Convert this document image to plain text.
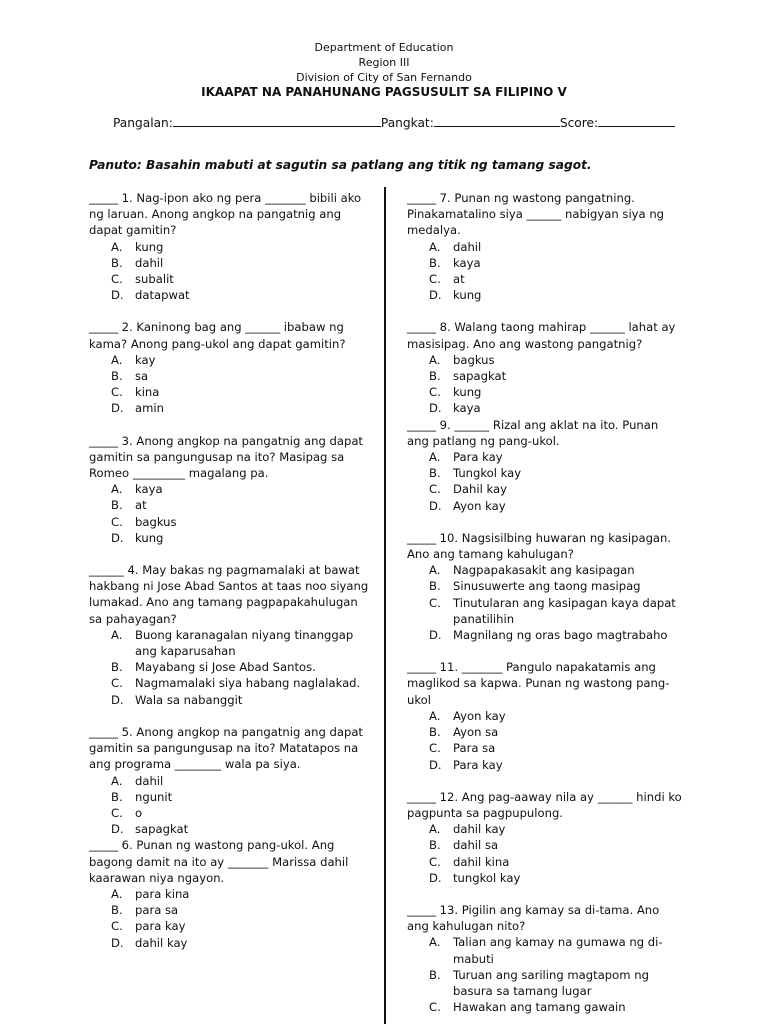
Department of Education
Region III
Division of City of San Fernando
IKAAPAT NA PANAHUNANG PAGSUSULIT SA FILIPINO V
Pangalan:	Pangkat:	Score:
Panuto: Basahin mabuti at sagutin sa patlang ang titik ng tamang sagot.

_____ 1. Nag-ipon ako ng pera _______ bibili ako ng laruan. Anong angkop na pangatnig ang dapat gamitin?

A.	kung
B.	dahil
C.	subalit
D. datapwat

_____ 2. Kaninong bag ang ______ ibabaw ng kama? Anong pang-ukol ang dapat gamitin?

A.	kay
B.	sa
C.	kina
D. amin

_____ 3. Anong angkop na pangatnig ang dapat gamitin sa pangungusap na ito? Masipag sa Romeo _________ magalang pa.

A.	kaya
B.	at
C.	bagkus
D. kung

______ 4. May bakas ng pagmamalaki at bawat hakbang ni Jose Abad Santos at taas noo siyang lumakad. Ano ang tamang pagpapakahulugan sa pahayagan?

A.	Buong karanagalan niyang tinanggap ang kaparusahan
B.	Mayabang si Jose Abad Santos.
C.	Nagmamalaki siya habang naglalakad.
D. Wala sa nabanggit

_____ 5. Anong angkop na pangatnig ang dapat gamitin sa pangungusap na ito? Matatapos na ang programa ________ wala pa siya.

A.	dahil
B.	ngunit
C.	o
D. sapagkat

_____ 6. Punan ng wastong pang-ukol. Ang bagong damit na ito ay _______ Marissa dahil kaarawan niya ngayon.

A.	para kina
B.	para sa
C.	para kay
D. dahil kay

_____ 7. Punan ng wastong pangatning. Pinakamatalino siya ______ nabigyan siya ng medalya.

A.	dahil
B.	kaya
C.	at
D. kung

_____ 8. Walang taong mahirap ______ lahat ay masisipag. Ano ang wastong pangatnig?

A.	bagkus
B.	sapagkat
C.	kung
D. kaya

_____ 9. ______ Rizal ang aklat na ito. Punan ang patlang ng pang-ukol.

A.	Para kay
B.	Tungkol kay
C.	Dahil kay
D. Ayon kay

_____ 10. Nagsisilbing huwaran ng kasipagan. Ano ang tamang kahulugan?

A.	Nagpapakasakit ang kasipagan
B.	Sinusuwerte ang taong masipag
C.	Tinutularan ang kasipagan kaya dapat panatilihin
D. Magnilang ng oras bago magtrabaho

_____ 11. _______ Pangulo napakatamis ang maglikod sa kapwa. Punan ng wastong pang-ukol

A.	Ayon kay
B.	Ayon sa
C.	Para sa
D. Para kay

_____ 12. Ang pag-aaway nila ay ______ hindi ko pagpunta sa pagpupulong.

A.	dahil kay
B.	dahil sa
C.	dahil kina
D. tungkol kay

_____ 13. Pigilin ang kamay sa di-tama. Ano ang kahulugan nito?

A.	Talian ang kamay na gumawa ng di-mabuti
B.	Turuan ang sariling magtapom ng basura sa tamang lugar
C.	Hawakan ang tamang gawain
